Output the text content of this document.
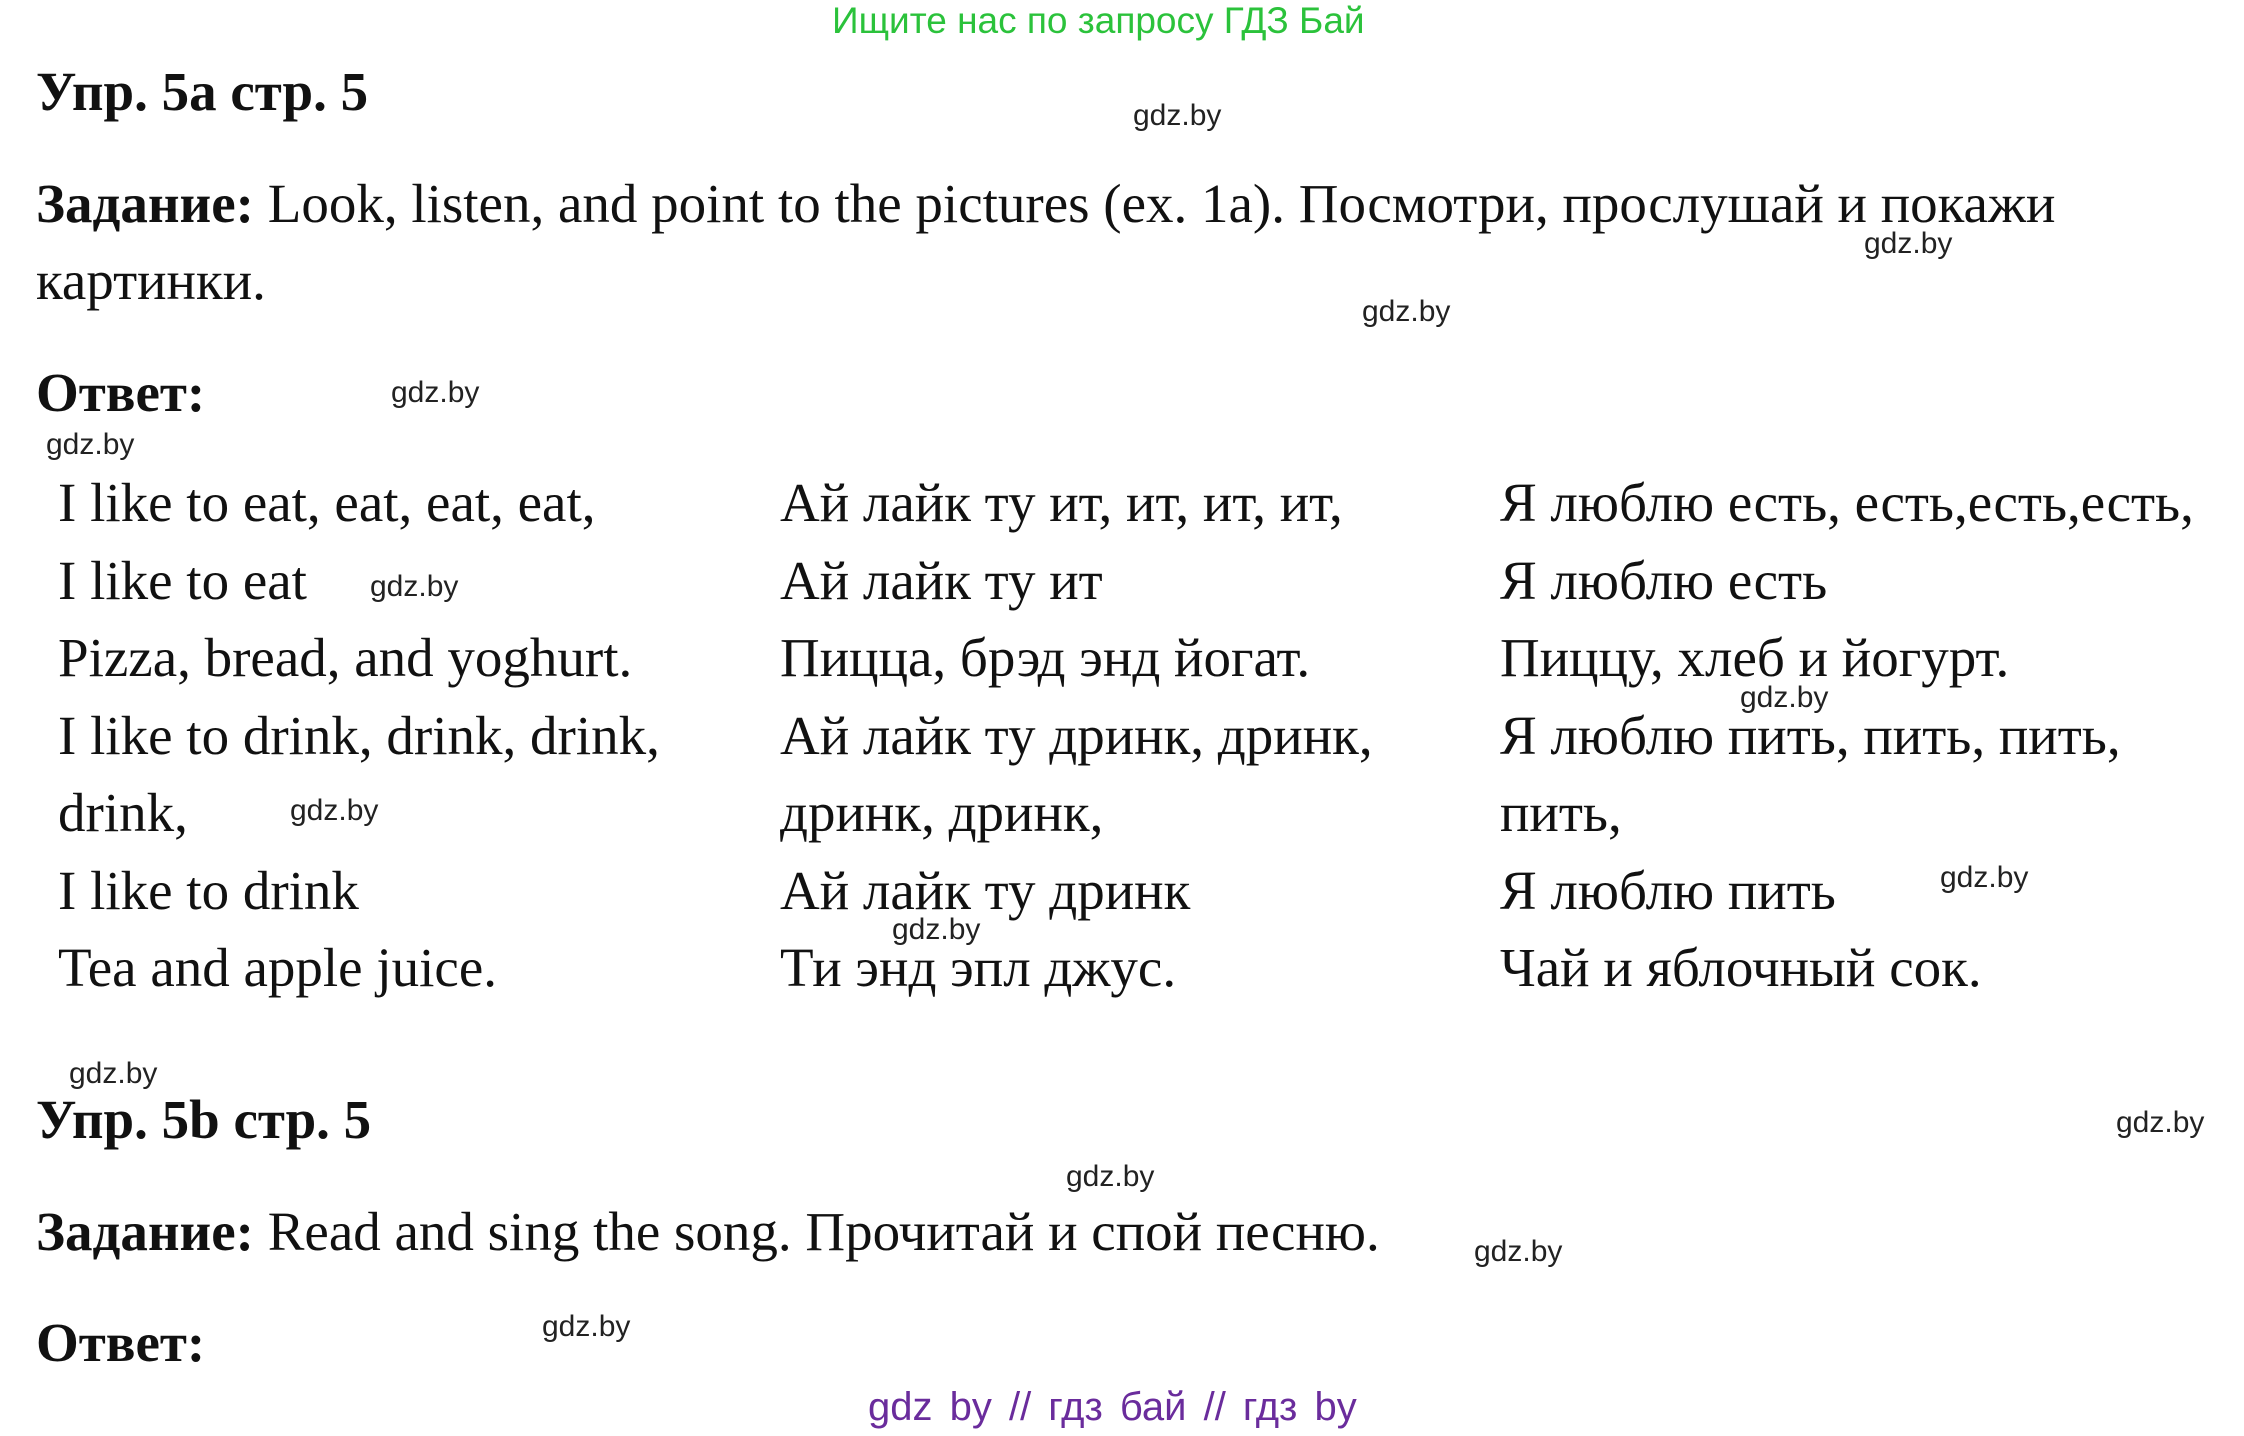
Ищите нас по запросу ГДЗ Бай
Упр. 5a стр. 5
Задание: Look, listen, and point to the pictures (ex. 1a). Посмотри, прослушай и покажи
картинки.
Ответ:
I like to eat, eat, eat, eat,
I like to eat
Pizza, bread, and yoghurt.
I like to drink, drink, drink,
drink,
I like to drink
Tea and apple juice.
Ай лайк ту ит, ит, ит, ит,
Ай лайк ту ит
Пицца, брэд энд йогат.
Ай лайк ту дринк, дринк,
дринк, дринк,
Ай лайк ту дринк
Ти энд эпл джус.
Я люблю есть, есть,есть,есть,
Я люблю есть
Пиццу, хлеб и йогурт.
Я люблю пить, пить, пить,
пить,
Я люблю пить
Чай и яблочный сок.
Упр. 5b стр. 5
Задание: Read and sing the song. Прочитай и спой песню.
Ответ:
gdz.by
gdz.by
gdz.by
gdz.by
gdz.by
gdz.by
gdz.by
gdz.by
gdz.by
gdz.by
gdz.by
gdz.by
gdz.by
gdz.by
gdz.by
gdz by // гдз бай // гдз by
